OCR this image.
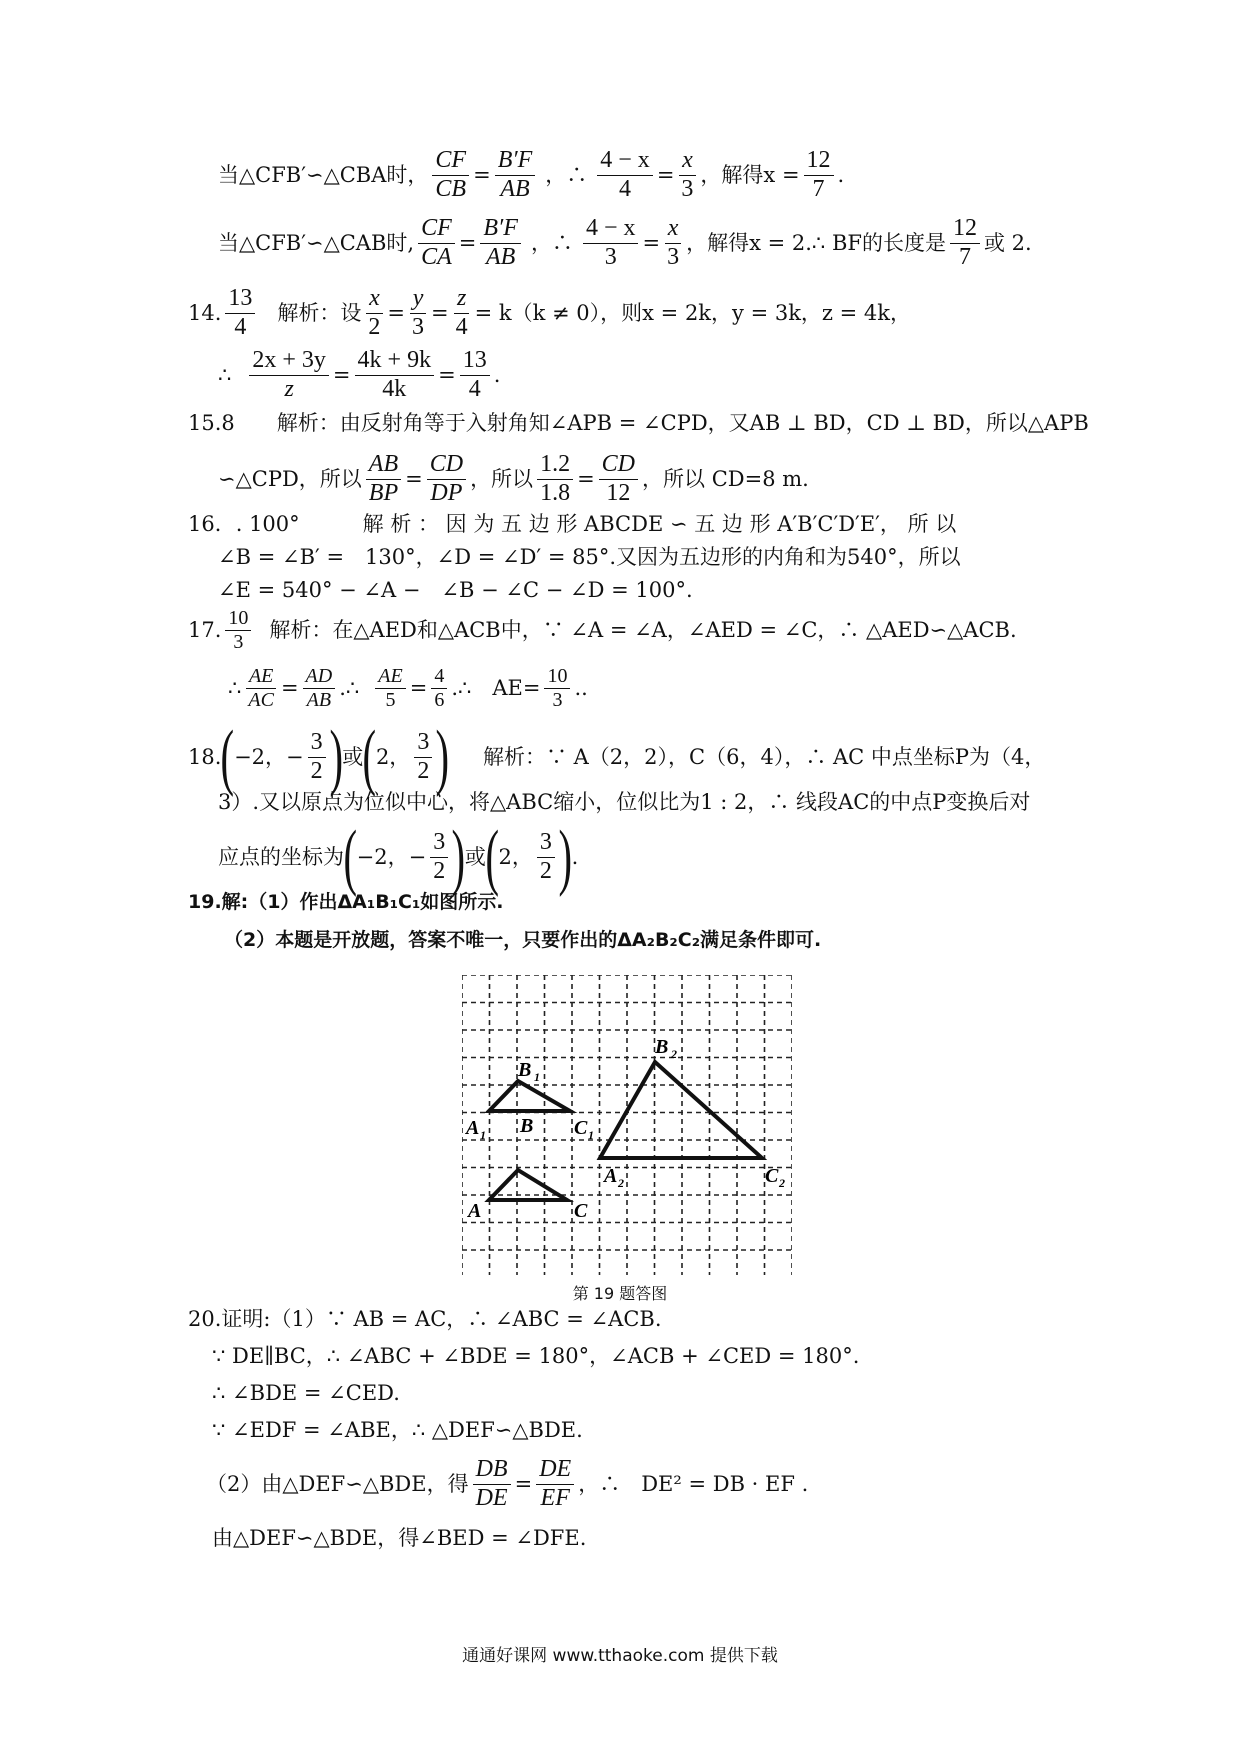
当△CFB′∽△CBA时， $\frac{CF}{CB} = \frac{B'F}{AB}$ ，∴ $\frac{4 - x}{4} = \frac{x}{3}$ ，解得$x = \frac{12}{7}$ .
当△CFB′∽△CAB时, $\frac{CF}{CA} = \frac{B'F}{AB}$ ，∴ $\frac{4 - x}{3} = \frac{x}{3}$ ，解得x = 2.∴ BF的长度是 $\frac{12}{7}$ 或 2.
14. $\frac{13}{4}$ 解析：设 $\frac{x}{2} = \frac{y}{3} = \frac{z}{4} = k(k \ne 0)$，则x = 2k，y = 3k，z = 4k，
∴ $\frac{2x + 3y}{z} = \frac{4k + 9k}{4k} = \frac{13}{4}$ .
15.8　　解析：由反射角等于入射角知∠APB = ∠CPD，又AB ⊥ BD，CD ⊥ BD，所以△APB
∽△CPD，所以 $\frac{AB}{BP} = \frac{CD}{DP}$ ，所以 $\frac{1.2}{1.8} = \frac{CD}{12}$ ，所以 CD=8 m.
16．. 100°　　　解 析 ： 因 为 五 边 形 ABCDE ∽ 五 边 形 A′B′C′D′E′， 所 以
∠B = ∠B′ =　130°，∠D = ∠D′ = 85°.又因为五边形的内角和为540°，所以
∠E = 540° − ∠A −　∠B − ∠C − ∠D = 100°.
17. $\frac{10}{3}$ 解析：在△AED和△ACB中，∵ ∠A = ∠A，∠AED = ∠C，∴ △AED∽△ACB.
∴ $\frac{AE}{AC} = \frac{AD}{AB}$ .∴ $\frac{AE}{5} = \frac{4}{6}$ .∴　$AE= \frac{10}{3}$ ..
18. ( −2，− $\frac{3}{2}$ ) 或 ( 2， $\frac{3}{2}$ ) 解析：∵ A（2，2），C（6，4），∴ AC 中点坐标P为（4，
3）.又以原点为位似中心，将△ABC缩小，位似比为1 : 2，∴ 线段AC的中点P变换后对
应点的坐标为 ( −2，− $\frac{3}{2}$ ) 或 ( 2， $\frac{3}{2}$ ) .
19.解:（1）作出ΔA₁B₁C₁如图所示.
（2）本题是开放题，答案不唯一，只要作出的ΔA₂B₂C₂满足条件即可.
B 1
A 1	C 1
B
A	C
B 2
A 2	C 2
第 19 题答图
20.证明:（1）∵ AB = AC，∴ ∠ABC = ∠ACB.
∵ DE∥BC，∴ ∠ABC + ∠BDE = 180°，∠ACB + ∠CED = 180°.
∴ ∠BDE = ∠CED.
∵ ∠EDF = ∠ABE，∴ △DEF∽△BDE.
（2）由△DEF∽△BDE，得 $\frac{DB}{DE} = \frac{DE}{EF}$ ，∴　DE² = DB · EF .
由△DEF∽△BDE，得∠BED = ∠DFE.
通通好课网 www.tthaoke.com 提供下载
